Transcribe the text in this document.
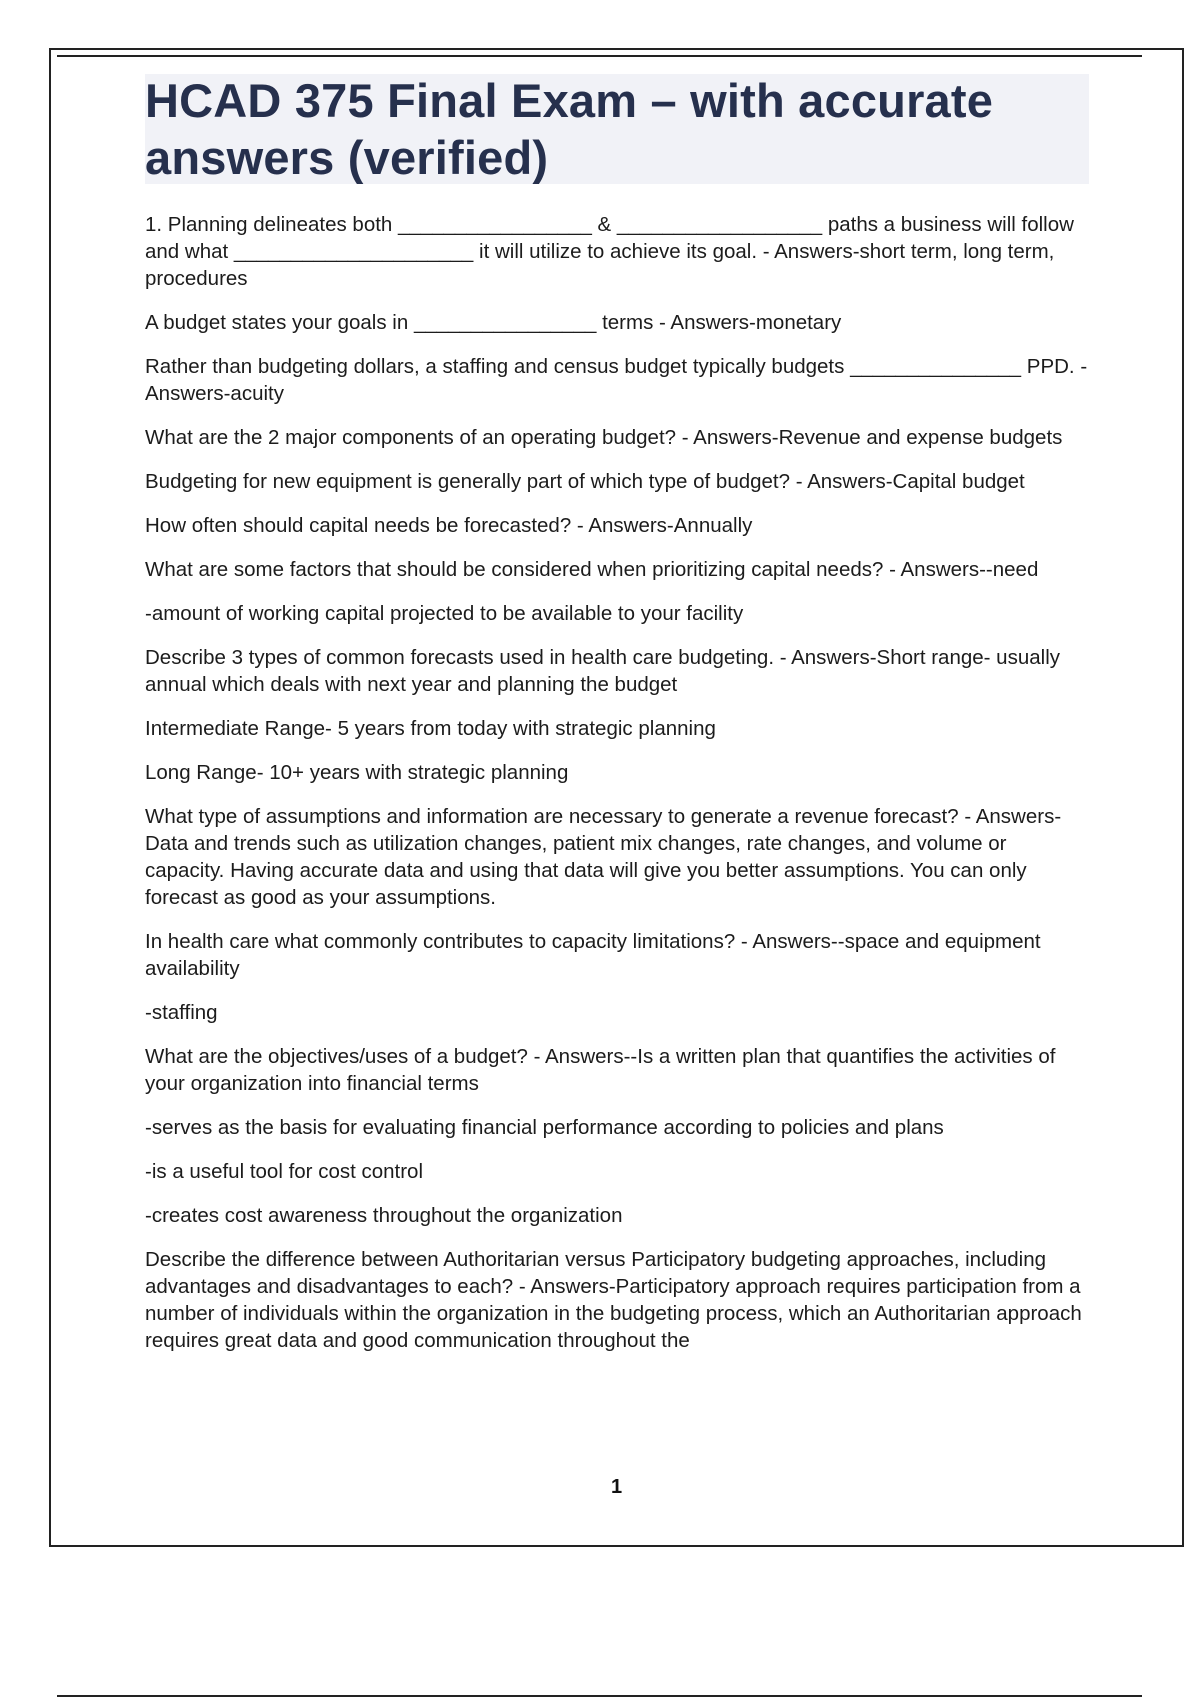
HCAD 375 Final Exam – with accurate answers (verified)

1. Planning delineates both _________________ & __________________ paths a business will follow and what _____________________ it will utilize to achieve its goal. - Answers-short term, long term, procedures

A budget states your goals in ________________ terms - Answers-monetary

Rather than budgeting dollars, a staffing and census budget typically budgets _______________ PPD. - Answers-acuity

What are the 2 major components of an operating budget? - Answers-Revenue and expense budgets

Budgeting for new equipment is generally part of which type of budget? - Answers-Capital budget

How often should capital needs be forecasted? - Answers-Annually

What are some factors that should be considered when prioritizing capital needs? - Answers--need

-amount of working capital projected to be available to your facility

Describe 3 types of common forecasts used in health care budgeting. - Answers-Short range- usually annual which deals with next year and planning the budget

Intermediate Range- 5 years from today with strategic planning

Long Range- 10+ years with strategic planning

What type of assumptions and information are necessary to generate a revenue forecast? - Answers-Data and trends such as utilization changes, patient mix changes, rate changes, and volume or capacity. Having accurate data and using that data will give you better assumptions. You can only forecast as good as your assumptions.

In health care what commonly contributes to capacity limitations? - Answers--space and equipment availability

-staffing

What are the objectives/uses of a budget? - Answers--Is a written plan that quantifies the activities of your organization into financial terms

-serves as the basis for evaluating financial performance according to policies and plans

-is a useful tool for cost control

-creates cost awareness throughout the organization

Describe the difference between Authoritarian versus Participatory budgeting approaches, including advantages and disadvantages to each? - Answers-Participatory approach requires participation from a number of individuals within the organization in the budgeting process, which an Authoritarian approach requires great data and good communication throughout the

1
